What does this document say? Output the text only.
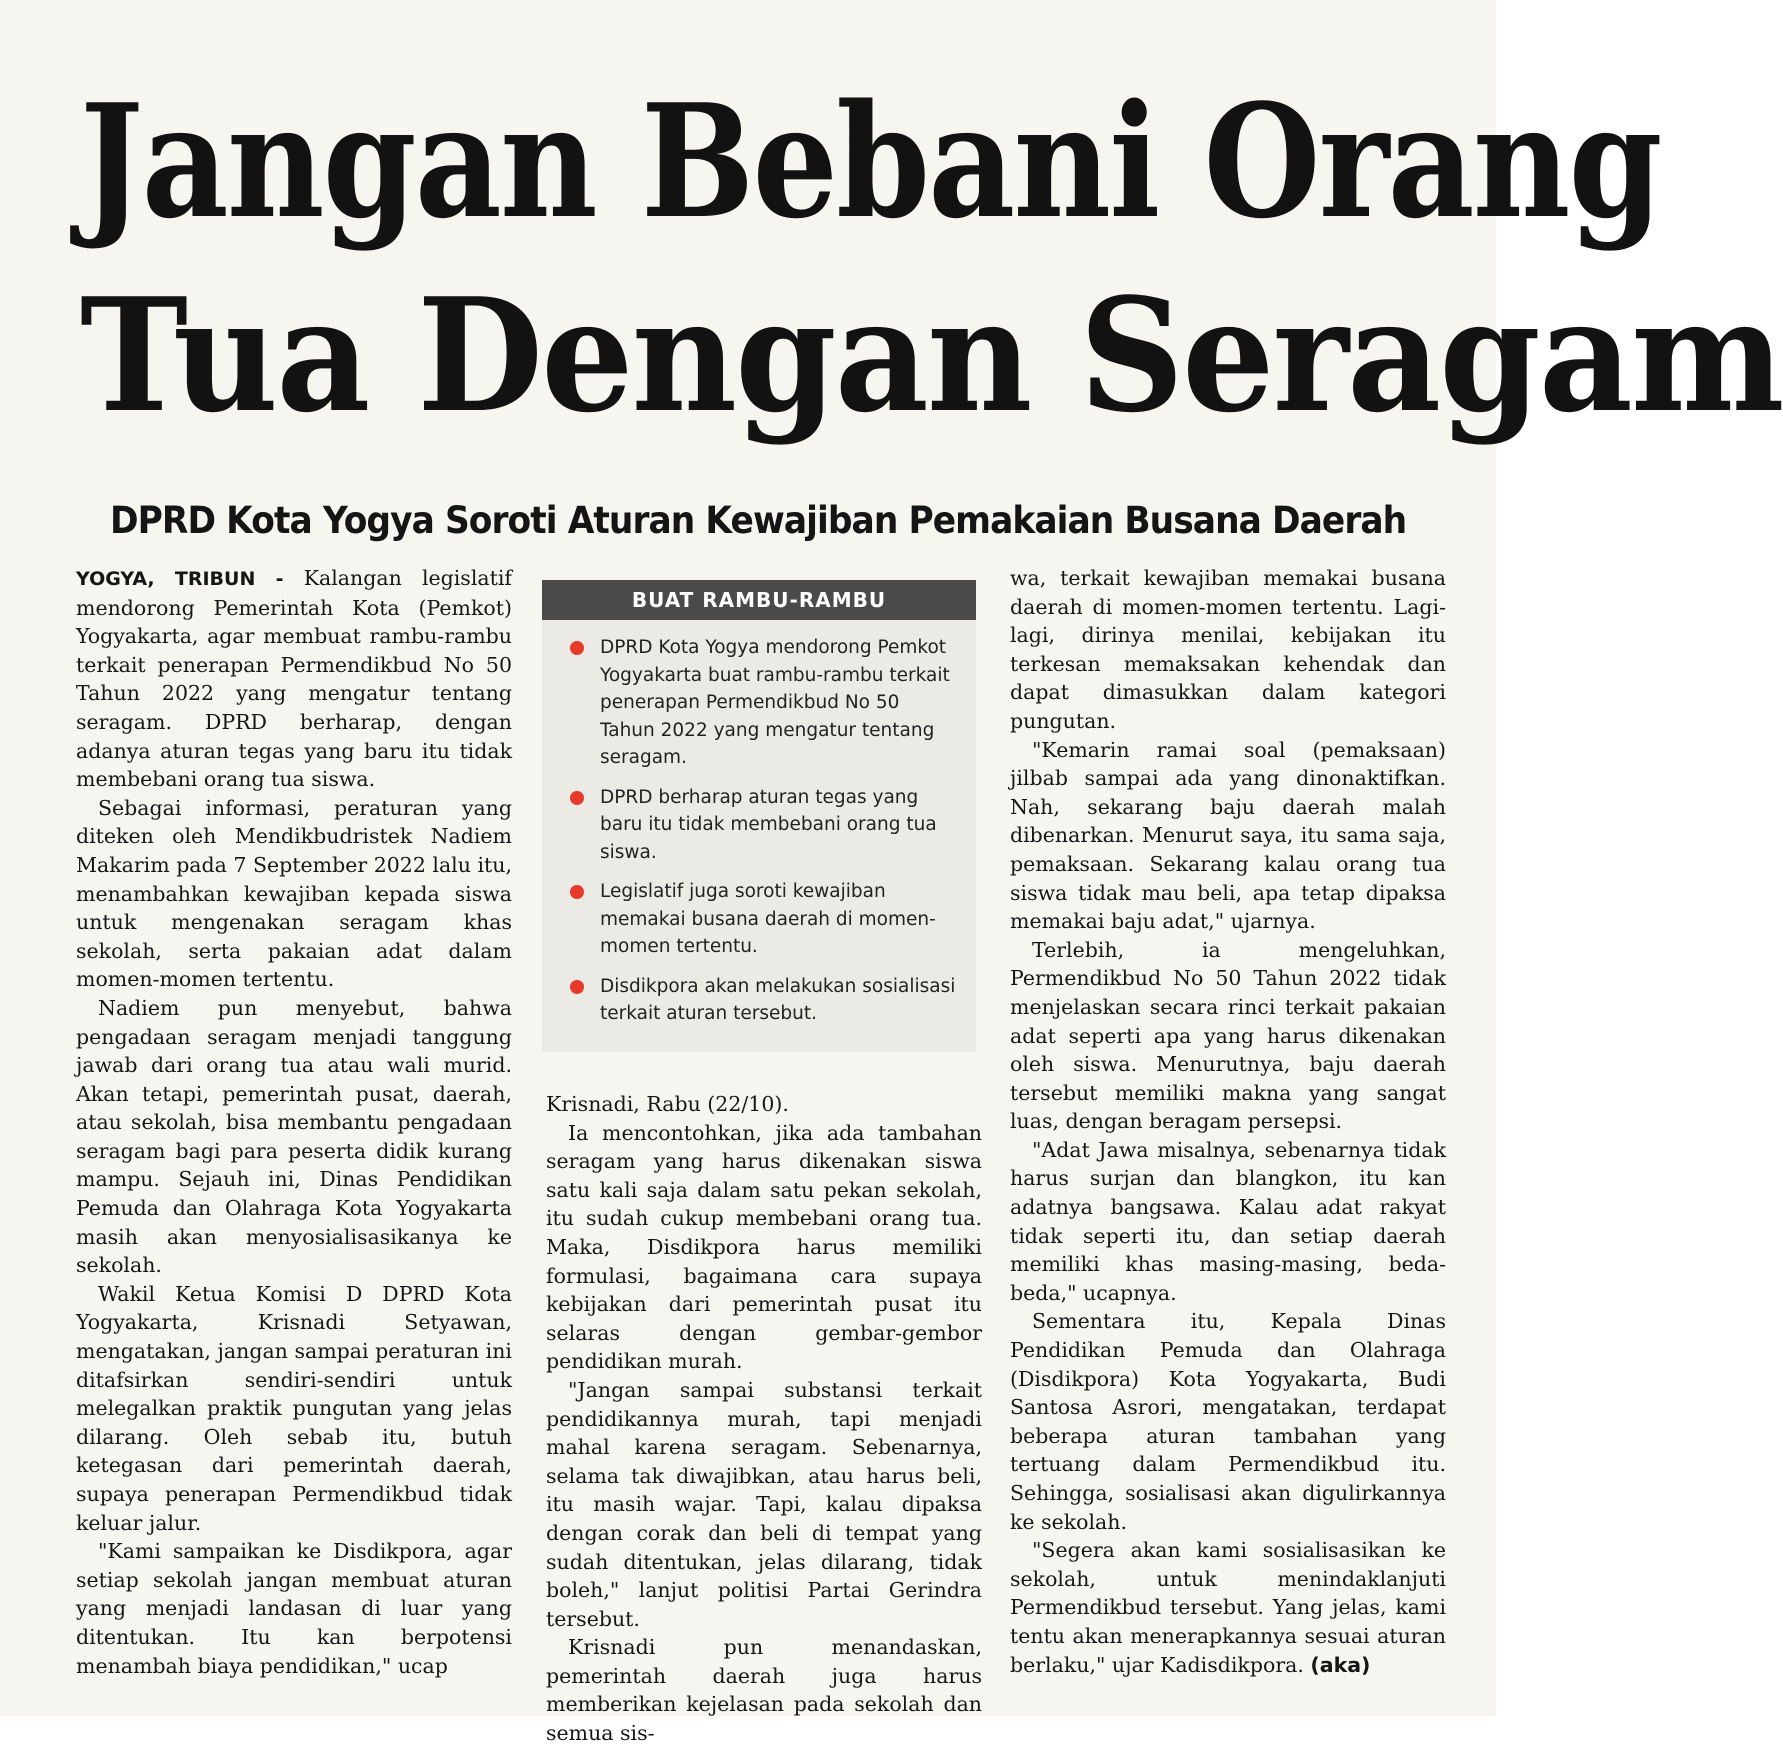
Jangan Bebani Orang
Tua Dengan Seragam
DPRD Kota Yogya Soroti Aturan Kewajiban Pemakaian Busana Daerah

YOGYA, TRIBUN - Kalangan legislatif mendorong Pemerintah Kota (Pemkot) Yogyakarta, agar membuat rambu-rambu terkait penerapan Permendikbud No 50 Tahun 2022 yang mengatur tentang seragam. DPRD berharap, dengan adanya aturan tegas yang baru itu tidak membebani orang tua siswa.

Sebagai informasi, peraturan yang diteken oleh Mendikbudristek Nadiem Makarim pada 7 September 2022 lalu itu, menambahkan kewajiban kepada siswa untuk mengenakan seragam khas sekolah, serta pakaian adat dalam momen-momen tertentu.

Nadiem pun menyebut, bahwa pengadaan seragam menjadi tanggung jawab dari orang tua atau wali murid. Akan tetapi, pemerintah pusat, daerah, atau sekolah, bisa membantu pengadaan seragam bagi para peserta didik kurang mampu. Sejauh ini, Dinas Pendidikan Pemuda dan Olahraga Kota Yogyakarta masih akan menyosialisasikanya ke sekolah.

Wakil Ketua Komisi D DPRD Kota Yogyakarta, Krisnadi Setyawan, mengatakan, jangan sampai peraturan ini ditafsirkan sendiri-sendiri untuk melegalkan praktik pungutan yang jelas dilarang. Oleh sebab itu, butuh ketegasan dari pemerintah daerah, supaya penerapan Permendikbud tidak keluar jalur.

"Kami sampaikan ke Disdikpora, agar setiap sekolah jangan membuat aturan yang menjadi landasan di luar yang ditentukan. Itu kan berpotensi menambah biaya pendidikan," ucap

BUAT RAMBU-RAMBU
DPRD Kota Yogya mendorong Pemkot Yogyakarta buat rambu-rambu terkait penerapan Permendikbud No 50 Tahun 2022 yang mengatur tentang seragam.
DPRD berharap aturan tegas yang baru itu tidak membebani orang tua siswa.
Legislatif juga soroti kewajiban memakai busana daerah di momen-momen tertentu.
Disdikpora akan melakukan sosialisasi terkait aturan tersebut.

Krisnadi, Rabu (22/10).

Ia mencontohkan, jika ada tambahan seragam yang harus dikenakan siswa satu kali saja dalam satu pekan sekolah, itu sudah cukup membebani orang tua. Maka, Disdikpora harus memiliki formulasi, bagaimana cara supaya kebijakan dari pemerintah pusat itu selaras dengan gembar-gembor pendidikan murah.

"Jangan sampai substansi terkait pendidikannya murah, tapi menjadi mahal karena seragam. Sebenarnya, selama tak diwajibkan, atau harus beli, itu masih wajar. Tapi, kalau dipaksa dengan corak dan beli di tempat yang sudah ditentukan, jelas dilarang, tidak boleh," lanjut politisi Partai Gerindra tersebut.

Krisnadi pun menandaskan, pemerintah daerah juga harus memberikan kejelasan pada sekolah dan semua sis-

wa, terkait kewajiban memakai busana daerah di momen-momen tertentu. Lagi-lagi, dirinya menilai, kebijakan itu terkesan memaksakan kehendak dan dapat dimasukkan dalam kategori pungutan.

"Kemarin ramai soal (pemaksaan) jilbab sampai ada yang dinonaktifkan. Nah, sekarang baju daerah malah dibenarkan. Menurut saya, itu sama saja, pemaksaan. Sekarang kalau orang tua siswa tidak mau beli, apa tetap dipaksa memakai baju adat," ujarnya.

Terlebih, ia mengeluhkan, Permendikbud No 50 Tahun 2022 tidak menjelaskan secara rinci terkait pakaian adat seperti apa yang harus dikenakan oleh siswa. Menurutnya, baju daerah tersebut memiliki makna yang sangat luas, dengan beragam persepsi.

"Adat Jawa misalnya, sebenarnya tidak harus surjan dan blangkon, itu kan adatnya bangsawa. Kalau adat rakyat tidak seperti itu, dan setiap daerah memiliki khas masing-masing, beda-beda," ucapnya.

Sementara itu, Kepala Dinas Pendidikan Pemuda dan Olahraga (Disdikpora) Kota Yogyakarta, Budi Santosa Asrori, mengatakan, terdapat beberapa aturan tambahan yang tertuang dalam Permendikbud itu. Sehingga, sosialisasi akan digulirkannya ke sekolah.

"Segera akan kami sosialisasikan ke sekolah, untuk menindaklanjuti Permendikbud tersebut. Yang jelas, kami tentu akan menerapkannya sesuai aturan berlaku," ujar Kadisdikpora. (aka)
